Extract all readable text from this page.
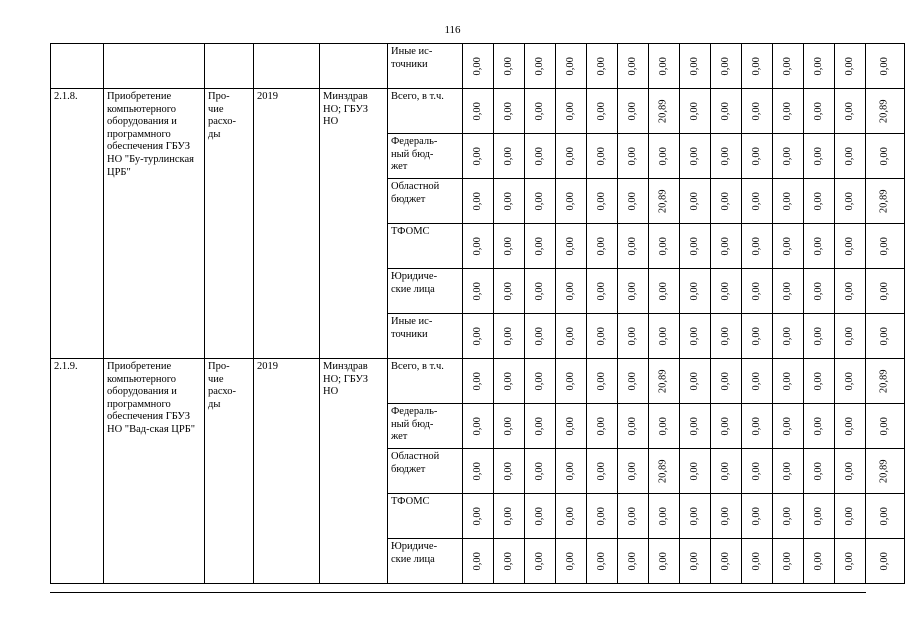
116
					Иные ис-
точники	0,00	0,00	0,00	0,00	0,00	0,00	0,00	0,00	0,00	0,00	0,00	0,00	0,00	0,00
2.1.8.	Приобретение компьютерного оборудования и программного обеспечения ГБУЗ НО "Бу-турлинская ЦРБ"	Про-
чие расхо-
ды	2019	Минздрав НО; ГБУЗ НО	Всего, в т.ч.	0,00	0,00	0,00	0,00	0,00	0,00	20,89	0,00	0,00	0,00	0,00	0,00	0,00	20,89
					Федераль-
ный бюд-
жет	0,00	0,00	0,00	0,00	0,00	0,00	0,00	0,00	0,00	0,00	0,00	0,00	0,00	0,00
					Областной
бюджет	0,00	0,00	0,00	0,00	0,00	0,00	20,89	0,00	0,00	0,00	0,00	0,00	0,00	20,89
					ТФОМС	0,00	0,00	0,00	0,00	0,00	0,00	0,00	0,00	0,00	0,00	0,00	0,00	0,00	0,00
					Юридиче-
ские лица	0,00	0,00	0,00	0,00	0,00	0,00	0,00	0,00	0,00	0,00	0,00	0,00	0,00	0,00
					Иные ис-
точники	0,00	0,00	0,00	0,00	0,00	0,00	0,00	0,00	0,00	0,00	0,00	0,00	0,00	0,00
2.1.9.	Приобретение компьютерного оборудования и программного обеспечения ГБУЗ НО "Вад-ская ЦРБ"	Про-
чие расхо-
ды	2019	Минздрав НО; ГБУЗ НО	Всего, в т.ч.	0,00	0,00	0,00	0,00	0,00	0,00	20,89	0,00	0,00	0,00	0,00	0,00	0,00	20,89
					Федераль-
ный бюд-
жет	0,00	0,00	0,00	0,00	0,00	0,00	0,00	0,00	0,00	0,00	0,00	0,00	0,00	0,00
					Областной
бюджет	0,00	0,00	0,00	0,00	0,00	0,00	20,89	0,00	0,00	0,00	0,00	0,00	0,00	20,89
					ТФОМС	0,00	0,00	0,00	0,00	0,00	0,00	0,00	0,00	0,00	0,00	0,00	0,00	0,00	0,00
					Юридиче-
ские лица	0,00	0,00	0,00	0,00	0,00	0,00	0,00	0,00	0,00	0,00	0,00	0,00	0,00	0,00
